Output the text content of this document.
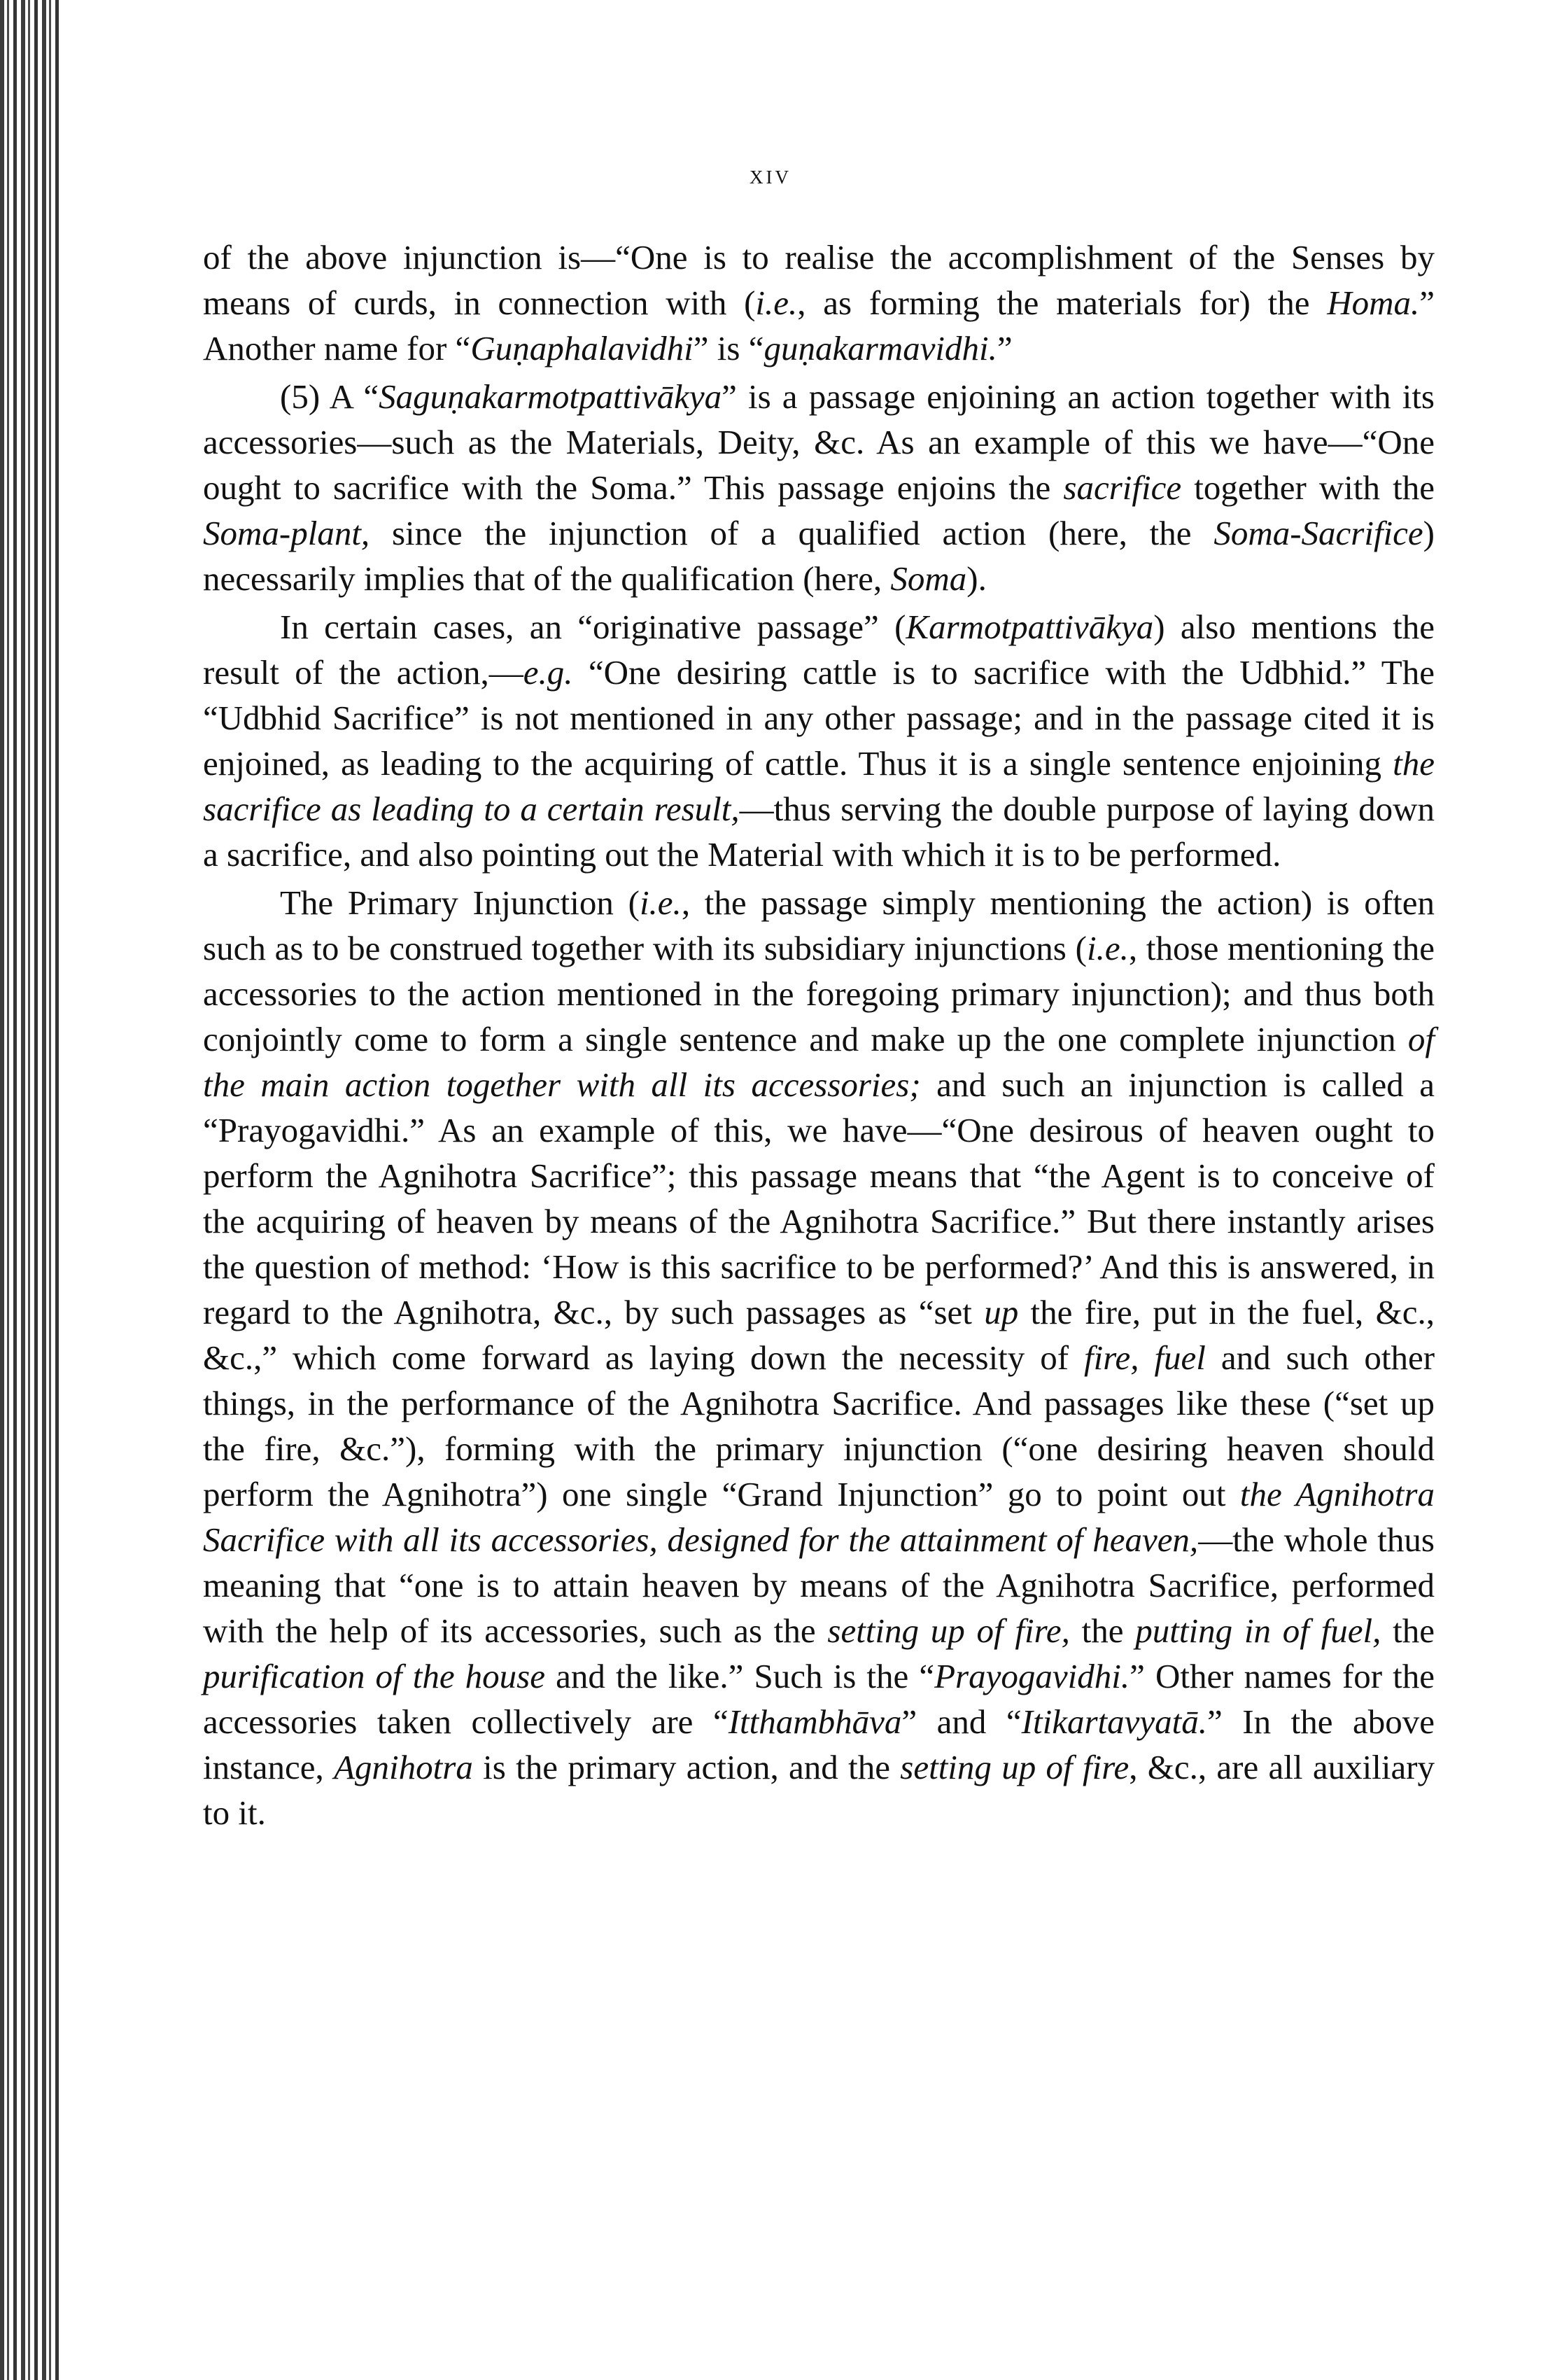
xiv

of the above injunction is—“One is to realise the accomplishment of the Senses by means of curds, in connection with (i.e., as forming the materials for) the Homa.” Another name for “Guṇaphalavidhi” is “guṇakarmavidhi.”

(5) A “Saguṇakarmotpattivākya” is a passage enjoining an action together with its accessories—such as the Materials, Deity, &c. As an example of this we have—“One ought to sacrifice with the Soma.” This passage enjoins the sacrifice together with the Soma-plant, since the injunction of a qualified action (here, the Soma-Sacrifice) necessarily implies that of the qualification (here, Soma).

In certain cases, an “originative passage” (Karmotpattivākya) also mentions the result of the action,—e.g. “One desiring cattle is to sacrifice with the Udbhid.” The “Udbhid Sacrifice” is not mentioned in any other passage; and in the passage cited it is enjoined, as leading to the acquiring of cattle. Thus it is a single sentence enjoining the sacrifice as leading to a certain result,—thus serving the double purpose of laying down a sacrifice, and also pointing out the Material with which it is to be performed.

The Primary Injunction (i.e., the passage simply mentioning the action) is often such as to be construed together with its subsidiary injunctions (i.e., those mentioning the accessories to the action mentioned in the foregoing primary injunction); and thus both conjointly come to form a single sentence and make up the one complete injunction of the main action together with all its accessories; and such an injunction is called a “Prayogavidhi.” As an example of this, we have—“One desirous of heaven ought to perform the Agnihotra Sacrifice”; this passage means that “the Agent is to conceive of the acquiring of heaven by means of the Agnihotra Sacrifice.” But there instantly arises the question of method: ‘How is this sacrifice to be performed?’ And this is answered, in regard to the Agnihotra, &c., by such passages as “set up the fire, put in the fuel, &c., &c.,” which come forward as laying down the necessity of fire, fuel and such other things, in the performance of the Agnihotra Sacrifice. And passages like these (“set up the fire, &c.”), forming with the primary injunction (“one desiring heaven should perform the Agnihotra”) one single “Grand Injunction” go to point out the Agnihotra Sacrifice with all its accessories, designed for the attainment of heaven,—the whole thus meaning that “one is to attain heaven by means of the Agnihotra Sacrifice, performed with the help of its accessories, such as the setting up of fire, the putting in of fuel, the purification of the house and the like.” Such is the “Prayogavidhi.” Other names for the accessories taken collectively are “Itthambhāva” and “Itikartavyatā.” In the above instance, Agnihotra is the primary action, and the setting up of fire, &c., are all auxiliary to it.
